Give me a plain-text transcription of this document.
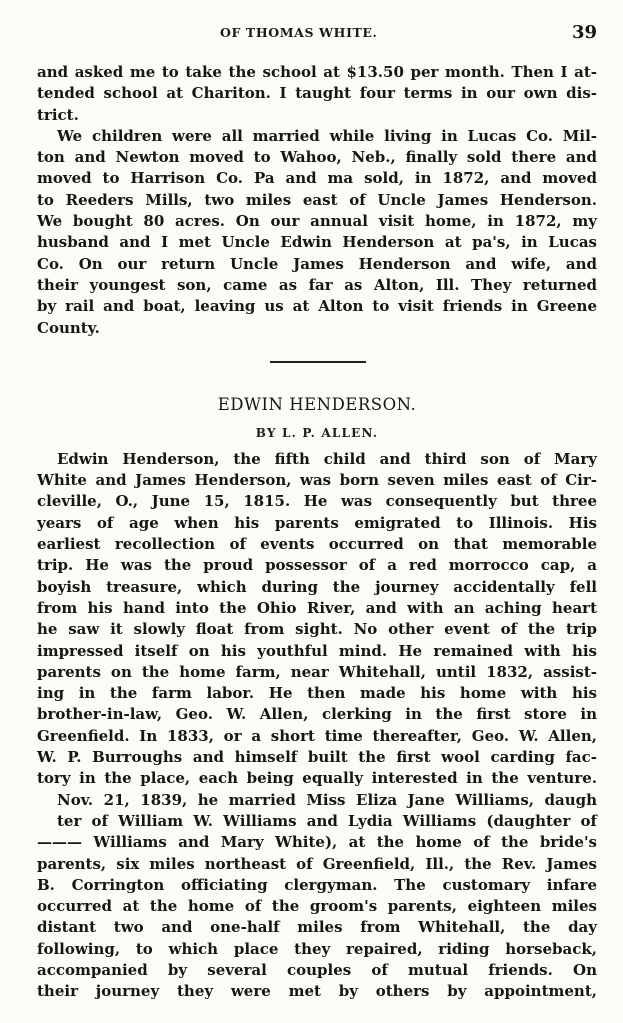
OF THOMAS WHITE.	39
and asked me to take the school at $13.50 per month. Then I at-
tended school at Chariton. I taught four terms in our own dis-
trict.
We children were all married while living in Lucas Co. Mil-
ton and Newton moved to Wahoo, Neb., finally sold there and
moved to Harrison Co. Pa and ma sold, in 1872, and moved
to Reeders Mills, two miles east of Uncle James Henderson.
We bought 80 acres. On our annual visit home, in 1872, my
husband and I met Uncle Edwin Henderson at pa's, in Lucas
Co. On our return Uncle James Henderson and wife, and
their youngest son, came as far as Alton, Ill. They returned
by rail and boat, leaving us at Alton to visit friends in Greene
County.
EDWIN HENDERSON.
BY L. P. ALLEN.
Edwin Henderson, the fifth child and third son of Mary
White and James Henderson, was born seven miles east of Cir-
cleville, O., June 15, 1815. He was consequently but three
years of age when his parents emigrated to Illinois. His
earliest recollection of events occurred on that memorable
trip. He was the proud possessor of a red morrocco cap, a
boyish treasure, which during the journey accidentally fell
from his hand into the Ohio River, and with an aching heart
he saw it slowly float from sight. No other event of the trip
impressed itself on his youthful mind. He remained with his
parents on the home farm, near Whitehall, until 1832, assist-
ing in the farm labor. He then made his home with his
brother-in-law, Geo. W. Allen, clerking in the first store in
Greenfield. In 1833, or a short time thereafter, Geo. W. Allen,
W. P. Burroughs and himself built the first wool carding fac-
tory in the place, each being equally interested in the venture.
Nov. 21, 1839, he married Miss Eliza Jane Williams, daugh
ter of William W. Williams and Lydia Williams (daughter of
——— Williams and Mary White), at the home of the bride's
parents, six miles northeast of Greenfield, Ill., the Rev. James
B. Corrington officiating clergyman. The customary infare
occurred at the home of the groom's parents, eighteen miles
distant two and one-half miles from Whitehall, the day
following, to which place they repaired, riding horseback,
accompanied by several couples of mutual friends. On
their journey they were met by others by appointment,
